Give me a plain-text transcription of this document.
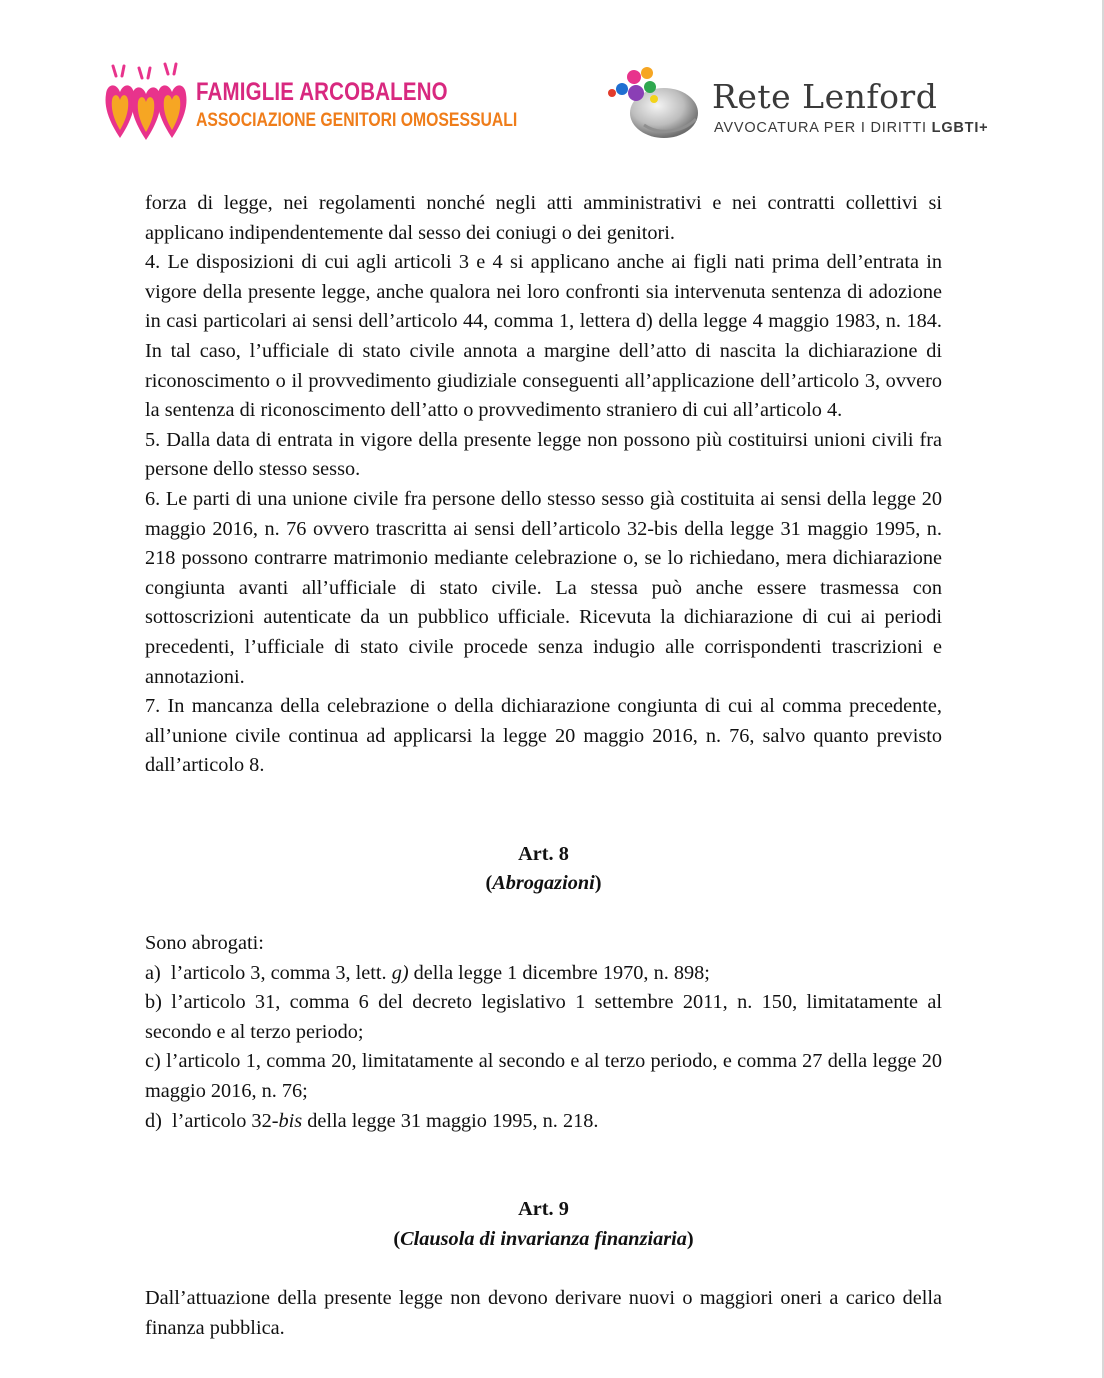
FAMIGLIE ARCOBALENO
ASSOCIAZIONE GENITORI OMOSESSUALI
Rete Lenford
AVVOCATURA PER I DIRITTI LGBTI+

forza di legge, nei regolamenti nonché negli atti amministrativi e nei contratti collettivi si applicano indipendentemente dal sesso dei coniugi o dei genitori.

4. Le disposizioni di cui agli articoli 3 e 4 si applicano anche ai figli nati prima dell’entrata in vigore della presente legge, anche qualora nei loro confronti sia intervenuta sentenza di adozione in casi particolari ai sensi dell’articolo 44, comma 1, lettera d) della legge 4 maggio 1983, n. 184. In tal caso, l’ufficiale di stato civile annota a margine dell’atto di nascita la dichiarazione di riconoscimento o il provvedimento giudiziale conseguenti all’applicazione dell’articolo 3, ovvero la sentenza di riconoscimento dell’atto o provvedimento straniero di cui all’articolo 4.

5. Dalla data di entrata in vigore della presente legge non possono più costituirsi unioni civili fra persone dello stesso sesso.

6. Le parti di una unione civile fra persone dello stesso sesso già costituita ai sensi della legge 20 maggio 2016, n. 76 ovvero trascritta ai sensi dell’articolo 32-bis della legge 31 maggio 1995, n. 218 possono contrarre matrimonio mediante celebrazione o, se lo richiedano, mera dichiarazione congiunta avanti all’ufficiale di stato civile. La stessa può anche essere trasmessa con sottoscrizioni autenticate da un pubblico ufficiale. Ricevuta la dichiarazione di cui ai periodi precedenti, l’ufficiale di stato civile procede senza indugio alle corrispondenti trascrizioni e annotazioni.

7. In mancanza della celebrazione o della dichiarazione congiunta di cui al comma precedente, all’unione civile continua ad applicarsi la legge 20 maggio 2016, n. 76, salvo quanto previsto dall’articolo 8.

Art. 8

(Abrogazioni)

Sono abrogati:

a)  l’articolo 3, comma 3, lett. g) della legge 1 dicembre 1970, n. 898;

b) l’articolo 31, comma 6 del decreto legislativo 1 settembre 2011, n. 150, limitatamente al secondo e al terzo periodo;

c) l’articolo 1, comma 20, limitatamente al secondo e al terzo periodo, e comma 27 della legge 20 maggio 2016, n. 76;

d)  l’articolo 32-bis della legge 31 maggio 1995, n. 218.

Art. 9

(Clausola di invarianza finanziaria)

Dall’attuazione della presente legge non devono derivare nuovi o maggiori oneri a carico della finanza pubblica.
